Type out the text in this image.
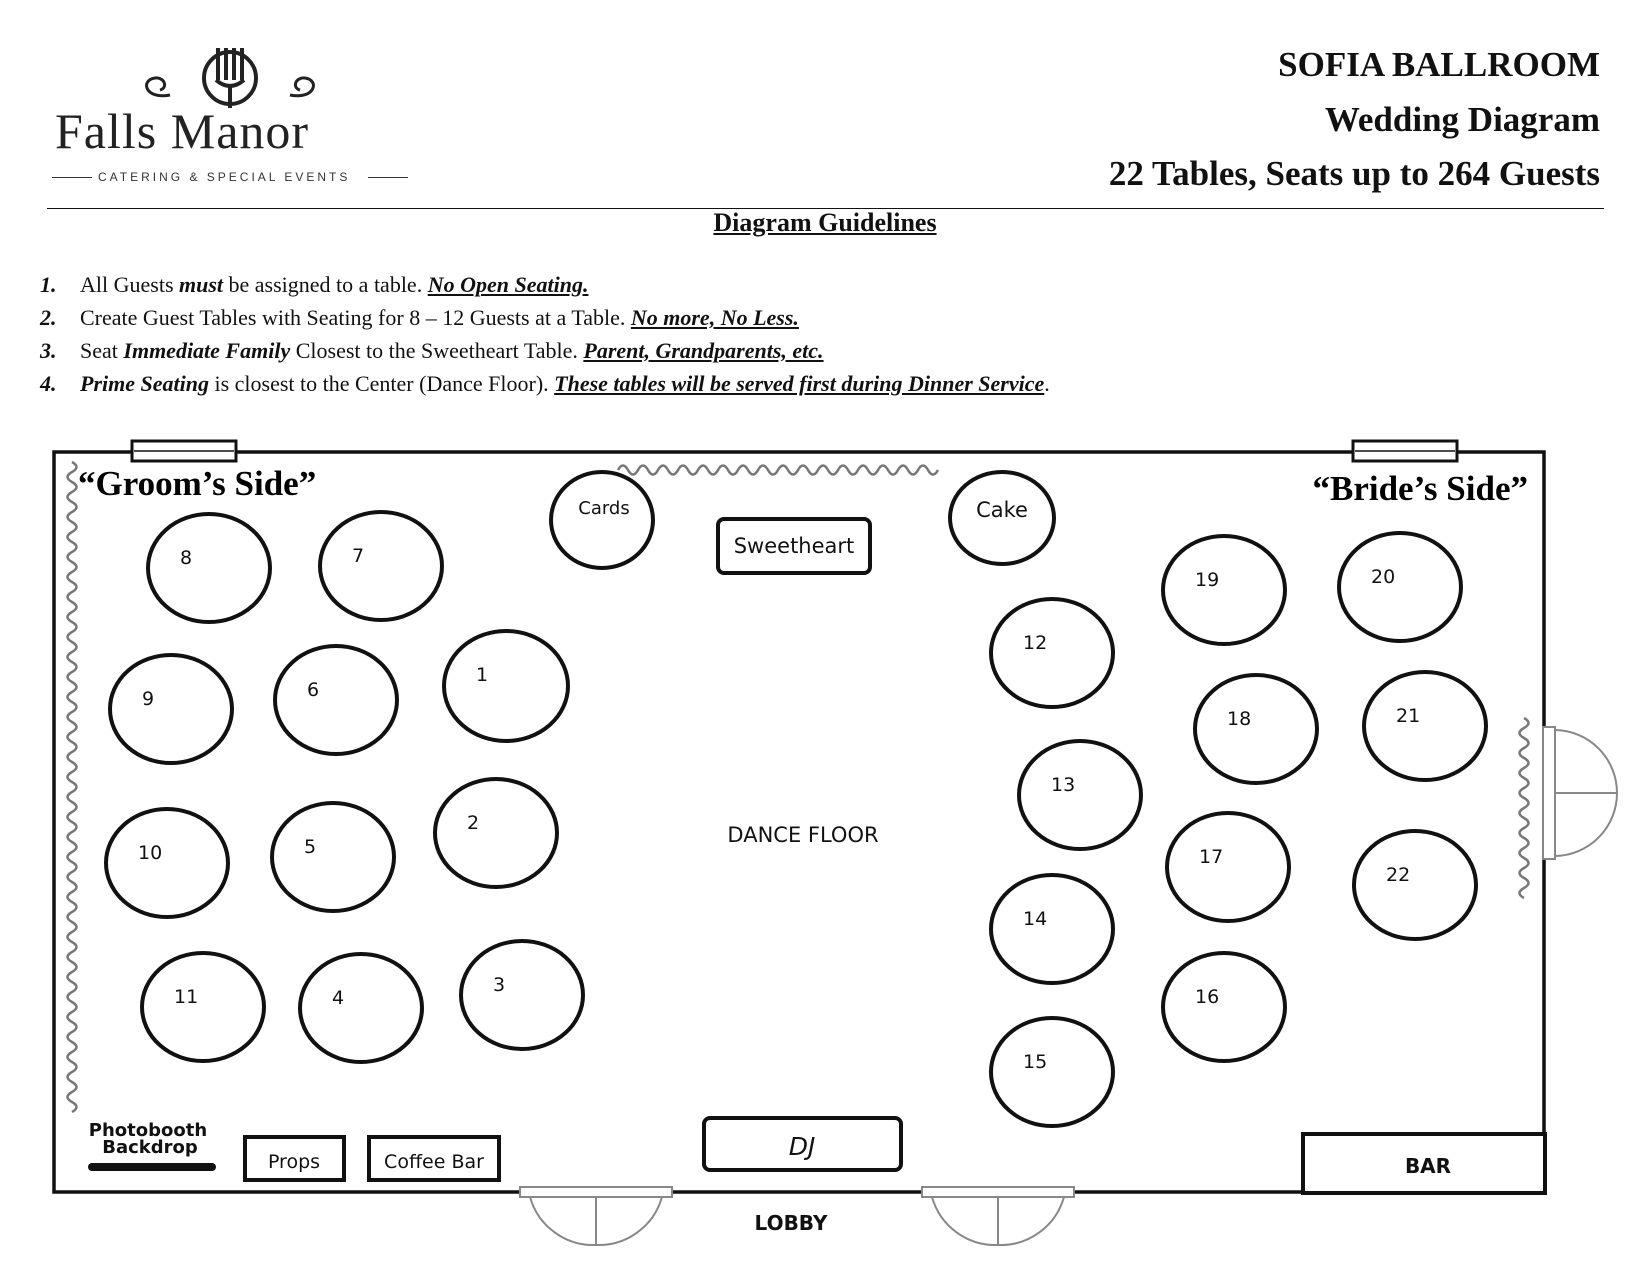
Falls Manor
CATERING & SPECIAL EVENTS
SOFIA BALLROOM
Wedding Diagram
22 Tables, Seats up to 264 Guests
Diagram Guidelines
1. All Guests must be assigned to a table. No Open Seating.
2. Create Guest Tables with Seating for 8 – 12 Guests at a Table. No more, No Less.
3. Seat Immediate Family Closest to the Sweetheart Table. Parent, Grandparents, etc.
4. Prime Seating is closest to the Center (Dance Floor). These tables will be served first during Dinner Service.
“Groom’s Side”	“Bride’s Side”
Cards	Cake
Sweetheart
DANCE FLOOR
DJ
BAR
LOBBY
Photobooth
Backdrop
Props	Coffee Bar
1
2
3
4
5
6
7
8
9
10
11
12
13
14
15
16
17
18
19	20
21
22
